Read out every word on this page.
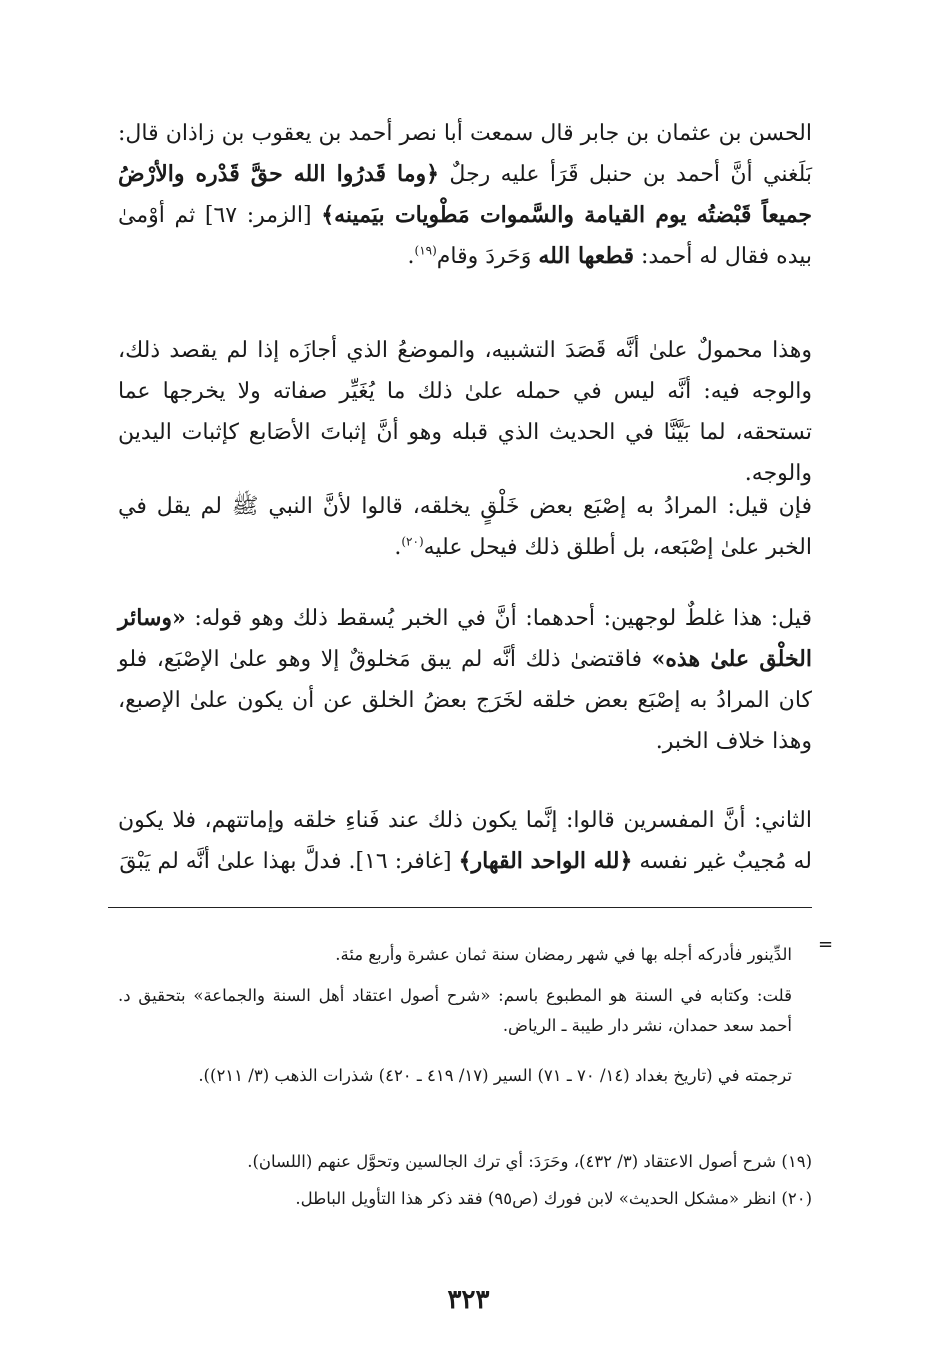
الحسن بن عثمان بن جابر قال سمعت أبا نصر أحمد بن يعقوب بن زاذان قال: بَلَغني أنَّ أحمد بن حنبل قَرَأ عليه رجلٌ ﴿وما قَدرُوا الله حقَّ قَدْره والأرْضُ جميعاً قَبْضتُه يوم القيامة والسَّموات مَطْويات بيَمينه﴾ [الزمر: ٦٧] ثم أوْمىٰ بيده فقال له أحمد: قطعها الله وَحَردَ وقام$^{(١٩)}$.

وهذا محمولٌ علىٰ أنَّه قَصَدَ التشبيه، والموضعُ الذي أجازَه إذا لم يقصد ذلك، والوجه فيه: أنَّه ليس في حمله علىٰ ذلك ما يُغَيِّر صفاته ولا يخرجها عما تستحقه، لما بَيَّنَّا في الحديث الذي قبله وهو أنَّ إثباتَ الأصَابع كإثبات اليدين والوجه.

فإن قيل: المرادُ به إصْبَع بعض خَلْقٍ يخلقه، قالوا لأنَّ النبي ﷺ لم يقل في الخبر علىٰ إصْبَعه، بل أطلق ذلك فيحل عليه$^{(٢٠)}$.

قيل: هذا غلطٌ لوجهين: أحدهما: أنَّ في الخبر يُسقط ذلك وهو قوله: «وسائر الخلْق علىٰ هذه» فاقتضىٰ ذلك أنَّه لم يبق مَخلوقٌ إلا وهو علىٰ الإصْبَع، فلو كان المرادُ به إصْبَع بعض خلقه لخَرَج بعضُ الخلق عن أن يكون علىٰ الإصبع، وهذا خلاف الخبر.

الثاني: أنَّ المفسرين قالوا: إنَّما يكون ذلك عند فَناءِ خلقه وإماتتهم، فلا يكون له مُجيبٌ غير نفسه ﴿لله الواحد القهار﴾ [غافر: ١٦]. فدلَّ بهذا علىٰ أنَّه لم يَبْقَ

=

الدِّينور فأدركه أجله بها في شهر رمضان سنة ثمان عشرة وأربع مئة.

قلت: وكتابه في السنة هو المطبوع باسم: «شرح أصول اعتقاد أهل السنة والجماعة» بتحقيق د. أحمد سعد حمدان، نشر دار طيبة ـ الرياض.

ترجمته في (تاريخ بغداد (١٤/ ٧٠ ـ ٧١) السير (١٧/ ٤١٩ ـ ٤٢٠) شذرات الذهب (٣/ ٢١١)).

(١٩) شرح أصول الاعتقاد (٣/ ٤٣٢)، وحَرَدَ: أي ترك الجالسين وتحوَّل عنهم (اللسان).

(٢٠) انظر «مشكل الحديث» لابن فورك (ص٩٥) فقد ذكر هذا التأويل الباطل.

٣٢٣
